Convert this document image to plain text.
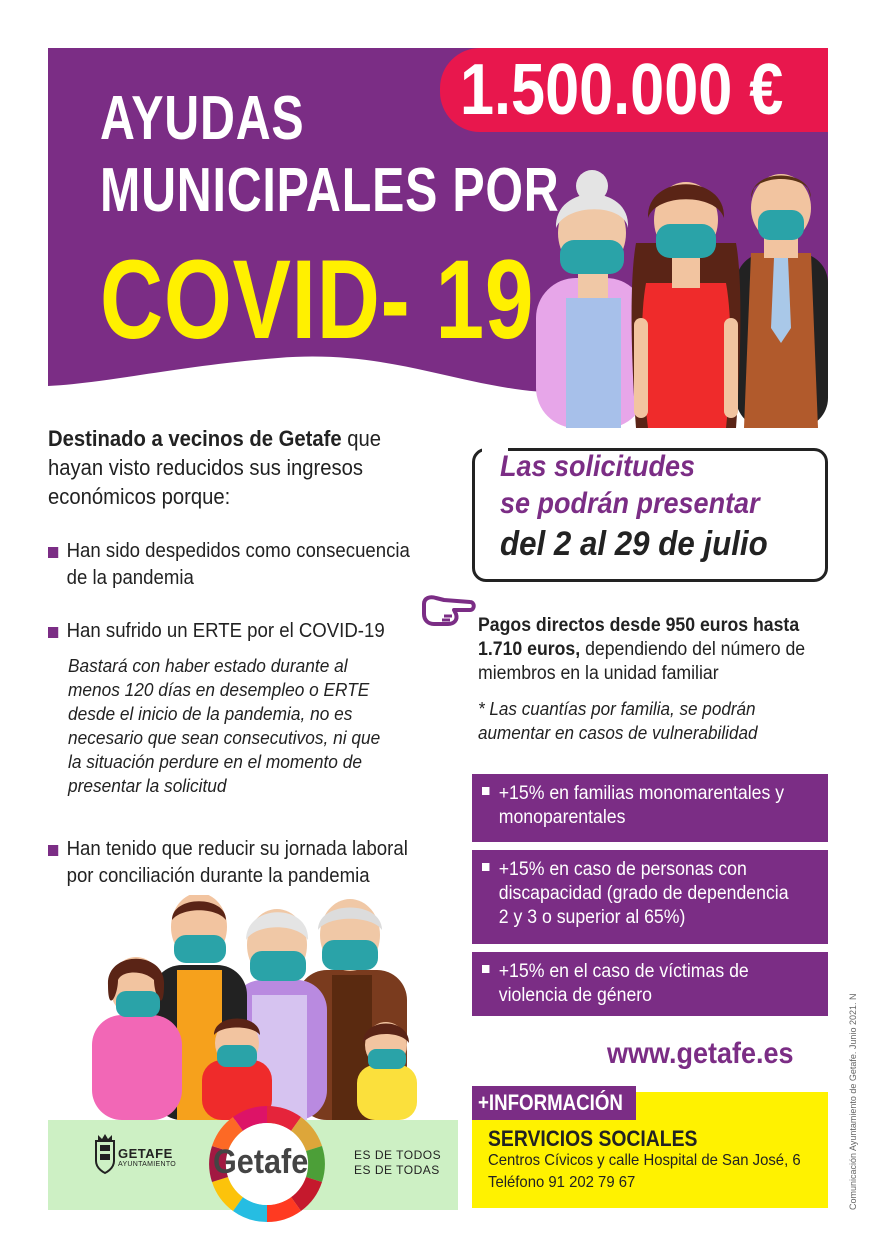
AYUDAS
MUNICIPALES POR
COVID- 19
1.500.000 €
Destinado a vecinos de Getafe que hayan visto reducidos sus ingresos económicos porque:
Han sido despedidos como consecuencia de la pandemia
Han sufrido un ERTE por el COVID-19
Bastará con haber estado durante al menos 120 días en desempleo o ERTE desde el inicio de la pandemia, no es necesario que sean consecutivos, ni que la situación perdure en el momento de presentar la solicitud
Han tenido que reducir su jornada laboral por conciliación durante la pandemia
GETAFE
AYUNTAMIENTO Getafe	ES DE TODOS
ES DE TODAS
Las solicitudes
se podrán presentar
del 2 al 29 de julio
Pagos directos desde 950 euros hasta 1.710 euros, dependiendo del número de miembros en la unidad familiar
* Las cuantías por familia, se podrán aumentar en casos de vulnerabilidad
+15% en familias monomarentales y
monoparentales
+15% en caso de personas con
discapacidad (grado de dependencia
2 y 3 o superior al 65%)
+15% en el caso de víctimas de
violencia de género
www.getafe.es
+INFORMACIÓN
SERVICIOS SOCIALES
Centros Cívicos y calle Hospital de San José, 6
Teléfono 91 202 79 67	Comunicación Ayuntamiento de Getafe. Junio 2021. N
